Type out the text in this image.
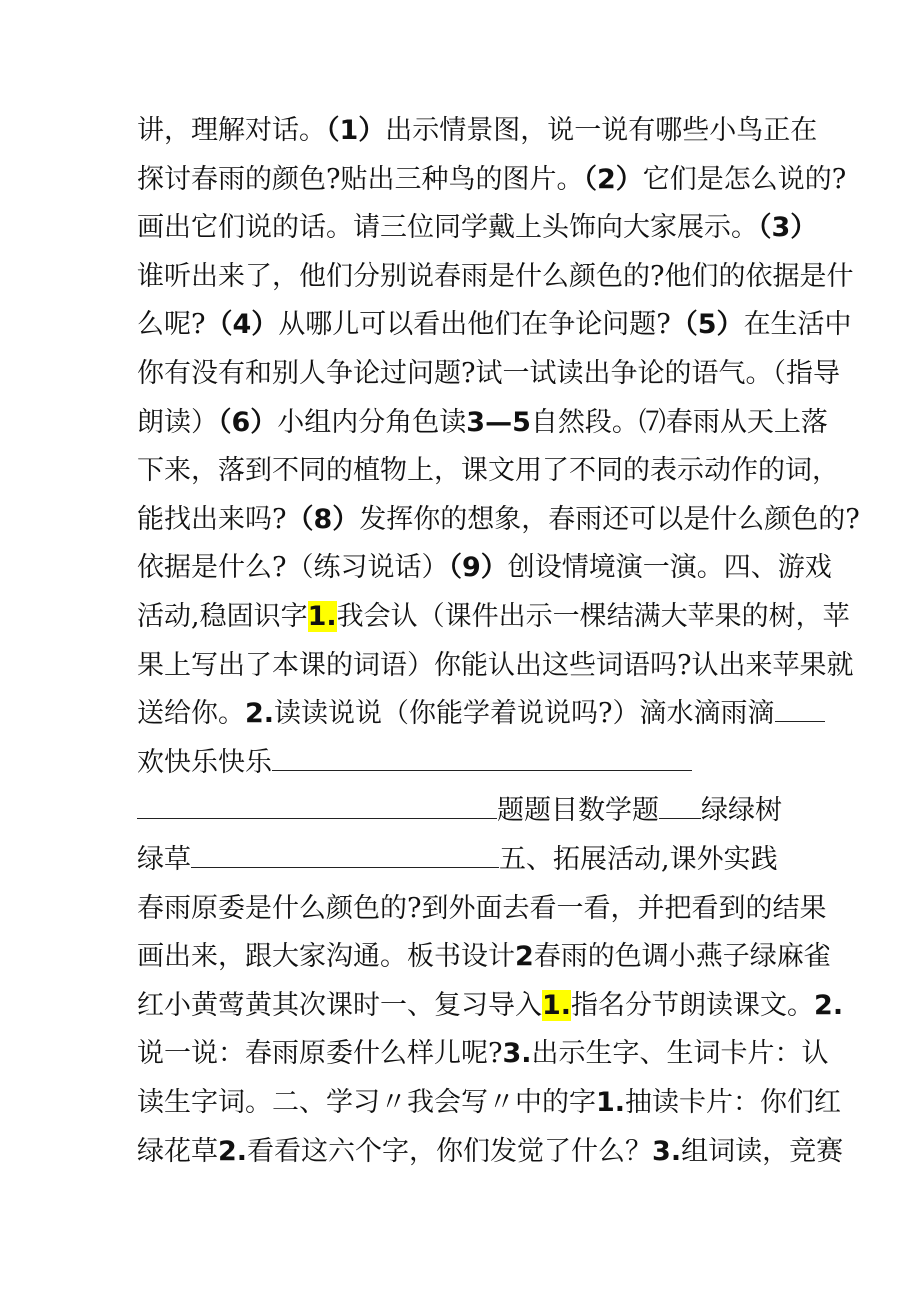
讲，理解对话。（1）出示情景图，说一说有哪些小鸟正在
探讨春雨的颜色?贴出三种鸟的图片。（2）它们是怎么说的?
画出它们说的话。请三位同学戴上头饰向大家展示。（3）
谁听出来了，他们分别说春雨是什么颜色的?他们的依据是什
么呢?（4）从哪儿可以看出他们在争论问题?（5）在生活中
你有没有和别人争论过问题?试一试读出争论的语气。（指导
朗读）（6）小组内分角色读3—5自然段。⑺春雨从天上落
下来，落到不同的植物上，课文用了不同的表示动作的词，
能找出来吗?（8）发挥你的想象，春雨还可以是什么颜色的?
依据是什么?（练习说话）（9）创设情境演一演。四、游戏
活动,稳固识字1.我会认（课件出示一棵结满大苹果的树，苹
果上写出了本课的词语）你能认出这些词语吗?认出来苹果就
送给你。2.读读说说（你能学着说说吗?）滴水滴雨滴
欢快乐快乐
题题目数学题 绿绿树
绿草	五、拓展活动,课外实践
春雨原委是什么颜色的?到外面去看一看，并把看到的结果
画出来，跟大家沟通。板书设计2春雨的色调小燕子绿麻雀
红小黄莺黄其次课时一、复习导入1.指名分节朗读课文。2.
说一说：春雨原委什么样儿呢?3.出示生字、生词卡片：认
读生字词。二、学习〃我会写〃中的字1.抽读卡片：你们红
绿花草2.看看这六个字，你们发觉了什么？3.组词读，竞赛
